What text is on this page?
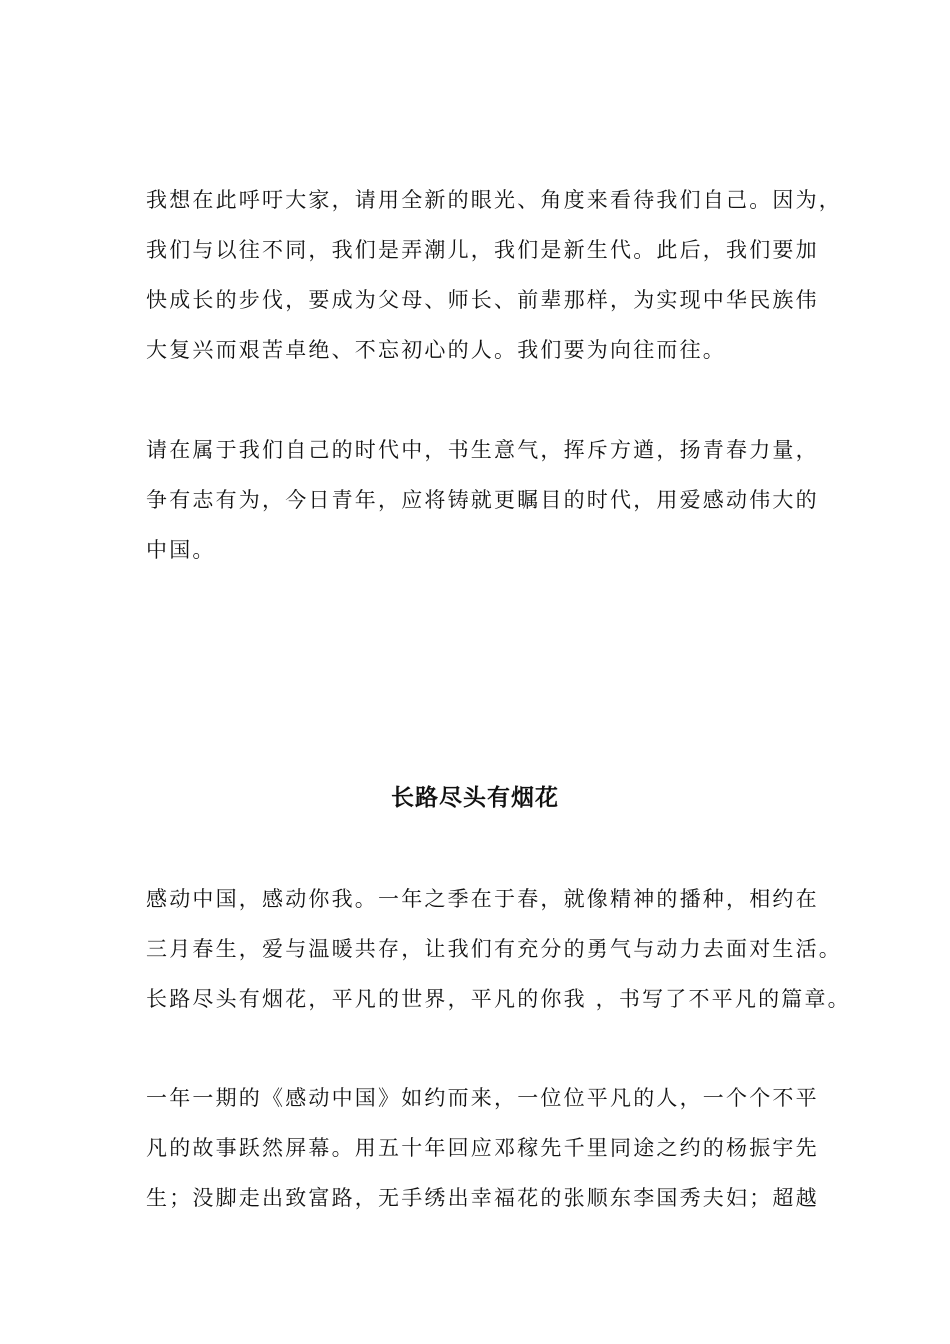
我想在此呼吁大家，请用全新的眼光、角度来看待我们自己。因为，
我们与以往不同，我们是弄潮儿，我们是新生代。此后，我们要加
快成长的步伐，要成为父母、师长、前辈那样，为实现中华民族伟
大复兴而艰苦卓绝、不忘初心的人。我们要为向往而往。
请在属于我们自己的时代中，书生意气，挥斥方遒，扬青春力量，
争有志有为，今日青年，应将铸就更瞩目的时代，用爱感动伟大的
中国。
长路尽头有烟花
感动中国，感动你我。一年之季在于春，就像精神的播种，相约在
三月春生，爱与温暖共存，让我们有充分的勇气与动力去面对生活。
长路尽头有烟花，平凡的世界，平凡的你我 ，书写了不平凡的篇章。
一年一期的《感动中国》如约而来，一位位平凡的人，一个个不平
凡的故事跃然屏幕。用五十年回应邓稼先千里同途之约的杨振宇先
生；没脚走出致富路，无手绣出幸福花的张顺东李国秀夫妇；超越
